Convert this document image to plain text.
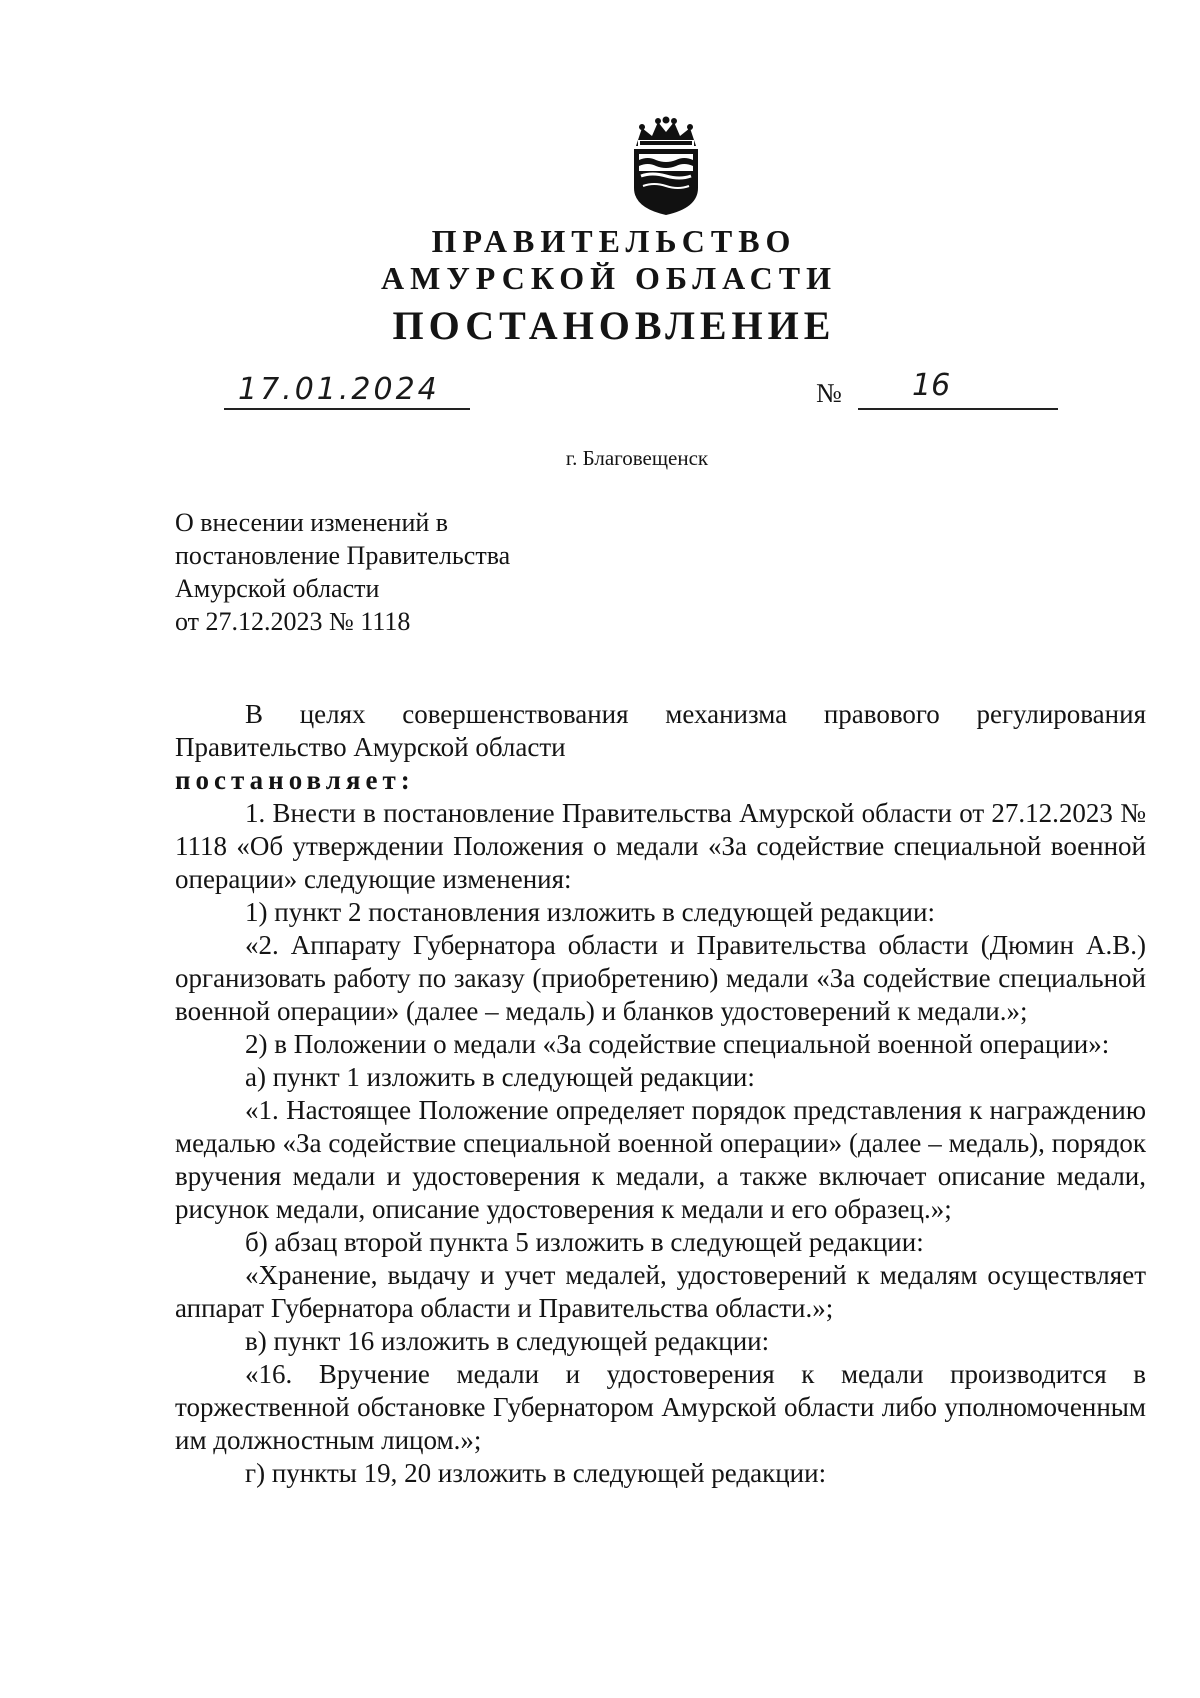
ПРАВИТЕЛЬСТВО
АМУРСКОЙ ОБЛАСТИ
ПОСТАНОВЛЕНИЕ
17.01.2024	№ 16
г. Благовещенск
О внесении изменений в
постановление Правительства
Амурской области
от 27.12.2023 № 1118

В целях совершенствования механизма правового регулирования Правительство Амурской области

постановляет:

1. Внести в постановление Правительства Амурской области от 27.12.2023 № 1118 «Об утверждении Положения о медали «За содействие специальной военной операции» следующие изменения:

1) пункт 2 постановления изложить в следующей редакции:

«2. Аппарату Губернатора области и Правительства области (Дюмин А.В.) организовать работу по заказу (приобретению) медали «За содействие специальной военной операции» (далее – медаль) и бланков удостоверений к медали.»;

2) в Положении о медали «За содействие специальной военной операции»:

а) пункт 1 изложить в следующей редакции:

«1. Настоящее Положение определяет порядок представления к награждению медалью «За содействие специальной военной операции» (далее – медаль), порядок вручения медали и удостоверения к медали, а также включает описание медали, рисунок медали, описание удостоверения к медали и его образец.»;

б) абзац второй пункта 5 изложить в следующей редакции:

«Хранение, выдачу и учет медалей, удостоверений к медалям осуществляет аппарат Губернатора области и Правительства области.»;

в) пункт 16 изложить в следующей редакции:

«16. Вручение медали и удостоверения к медали производится в торжественной обстановке Губернатором Амурской области либо уполномоченным им должностным лицом.»;

г) пункты 19, 20 изложить в следующей редакции:
